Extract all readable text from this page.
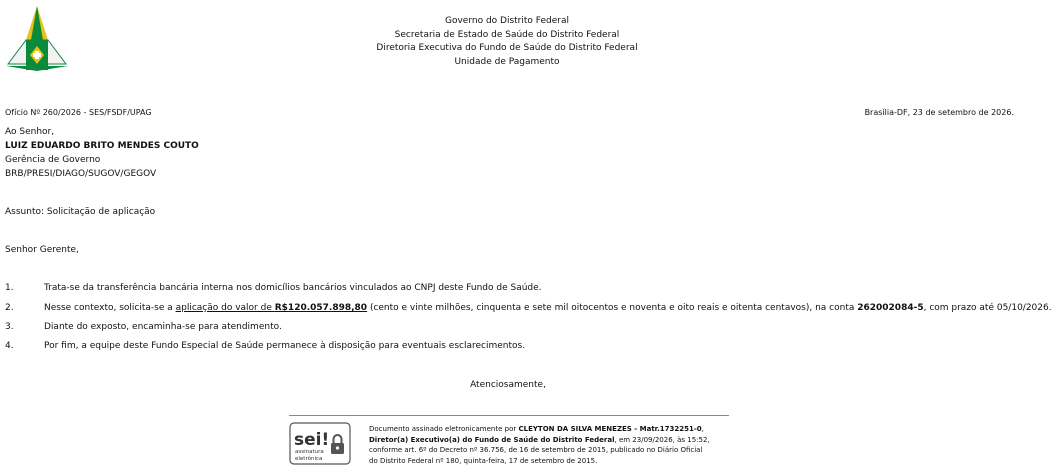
Governo do Distrito Federal
Secretaria de Estado de Saúde do Distrito Federal
Diretoria Executiva do Fundo de Saúde do Distrito Federal
Unidade de Pagamento
Ofício Nº 260/2026 - SES/FSDF/UPAG	Brasília-DF, 23 de setembro de 2026.
Ao Senhor,
LUIZ EDUARDO BRITO MENDES COUTO
Gerência de Governo
BRB/PRESI/DIAGO/SUGOV/GEGOV
Assunto: Solicitação de aplicação
Senhor Gerente,
1.	Trata-se da transferência bancária interna nos domicílios bancários vinculados ao CNPJ deste Fundo de Saúde.
2.	Nesse contexto, solicita-se a aplicação do valor de R$120.057.898,80 (cento e vinte milhões, cinquenta e sete mil oitocentos e noventa e oito reais e oitenta centavos), na conta 262002084-5, com prazo até 05/10/2026.
3.	Diante do exposto, encaminha-se para atendimento.
4.	Por fim, a equipe deste Fundo Especial de Saúde permanece à disposição para eventuais esclarecimentos.
Atenciosamente,
sei!
assinatura
eletrônica
Documento assinado eletronicamente por CLEYTON DA SILVA MENEZES - Matr.1732251-0,
Diretor(a) Executivo(a) do Fundo de Saúde do Distrito Federal, em 23/09/2026, às 15:52,
conforme art. 6º do Decreto nº 36.756, de 16 de setembro de 2015, publicado no Diário Oficial
do Distrito Federal nº 180, quinta-feira, 17 de setembro de 2015.
